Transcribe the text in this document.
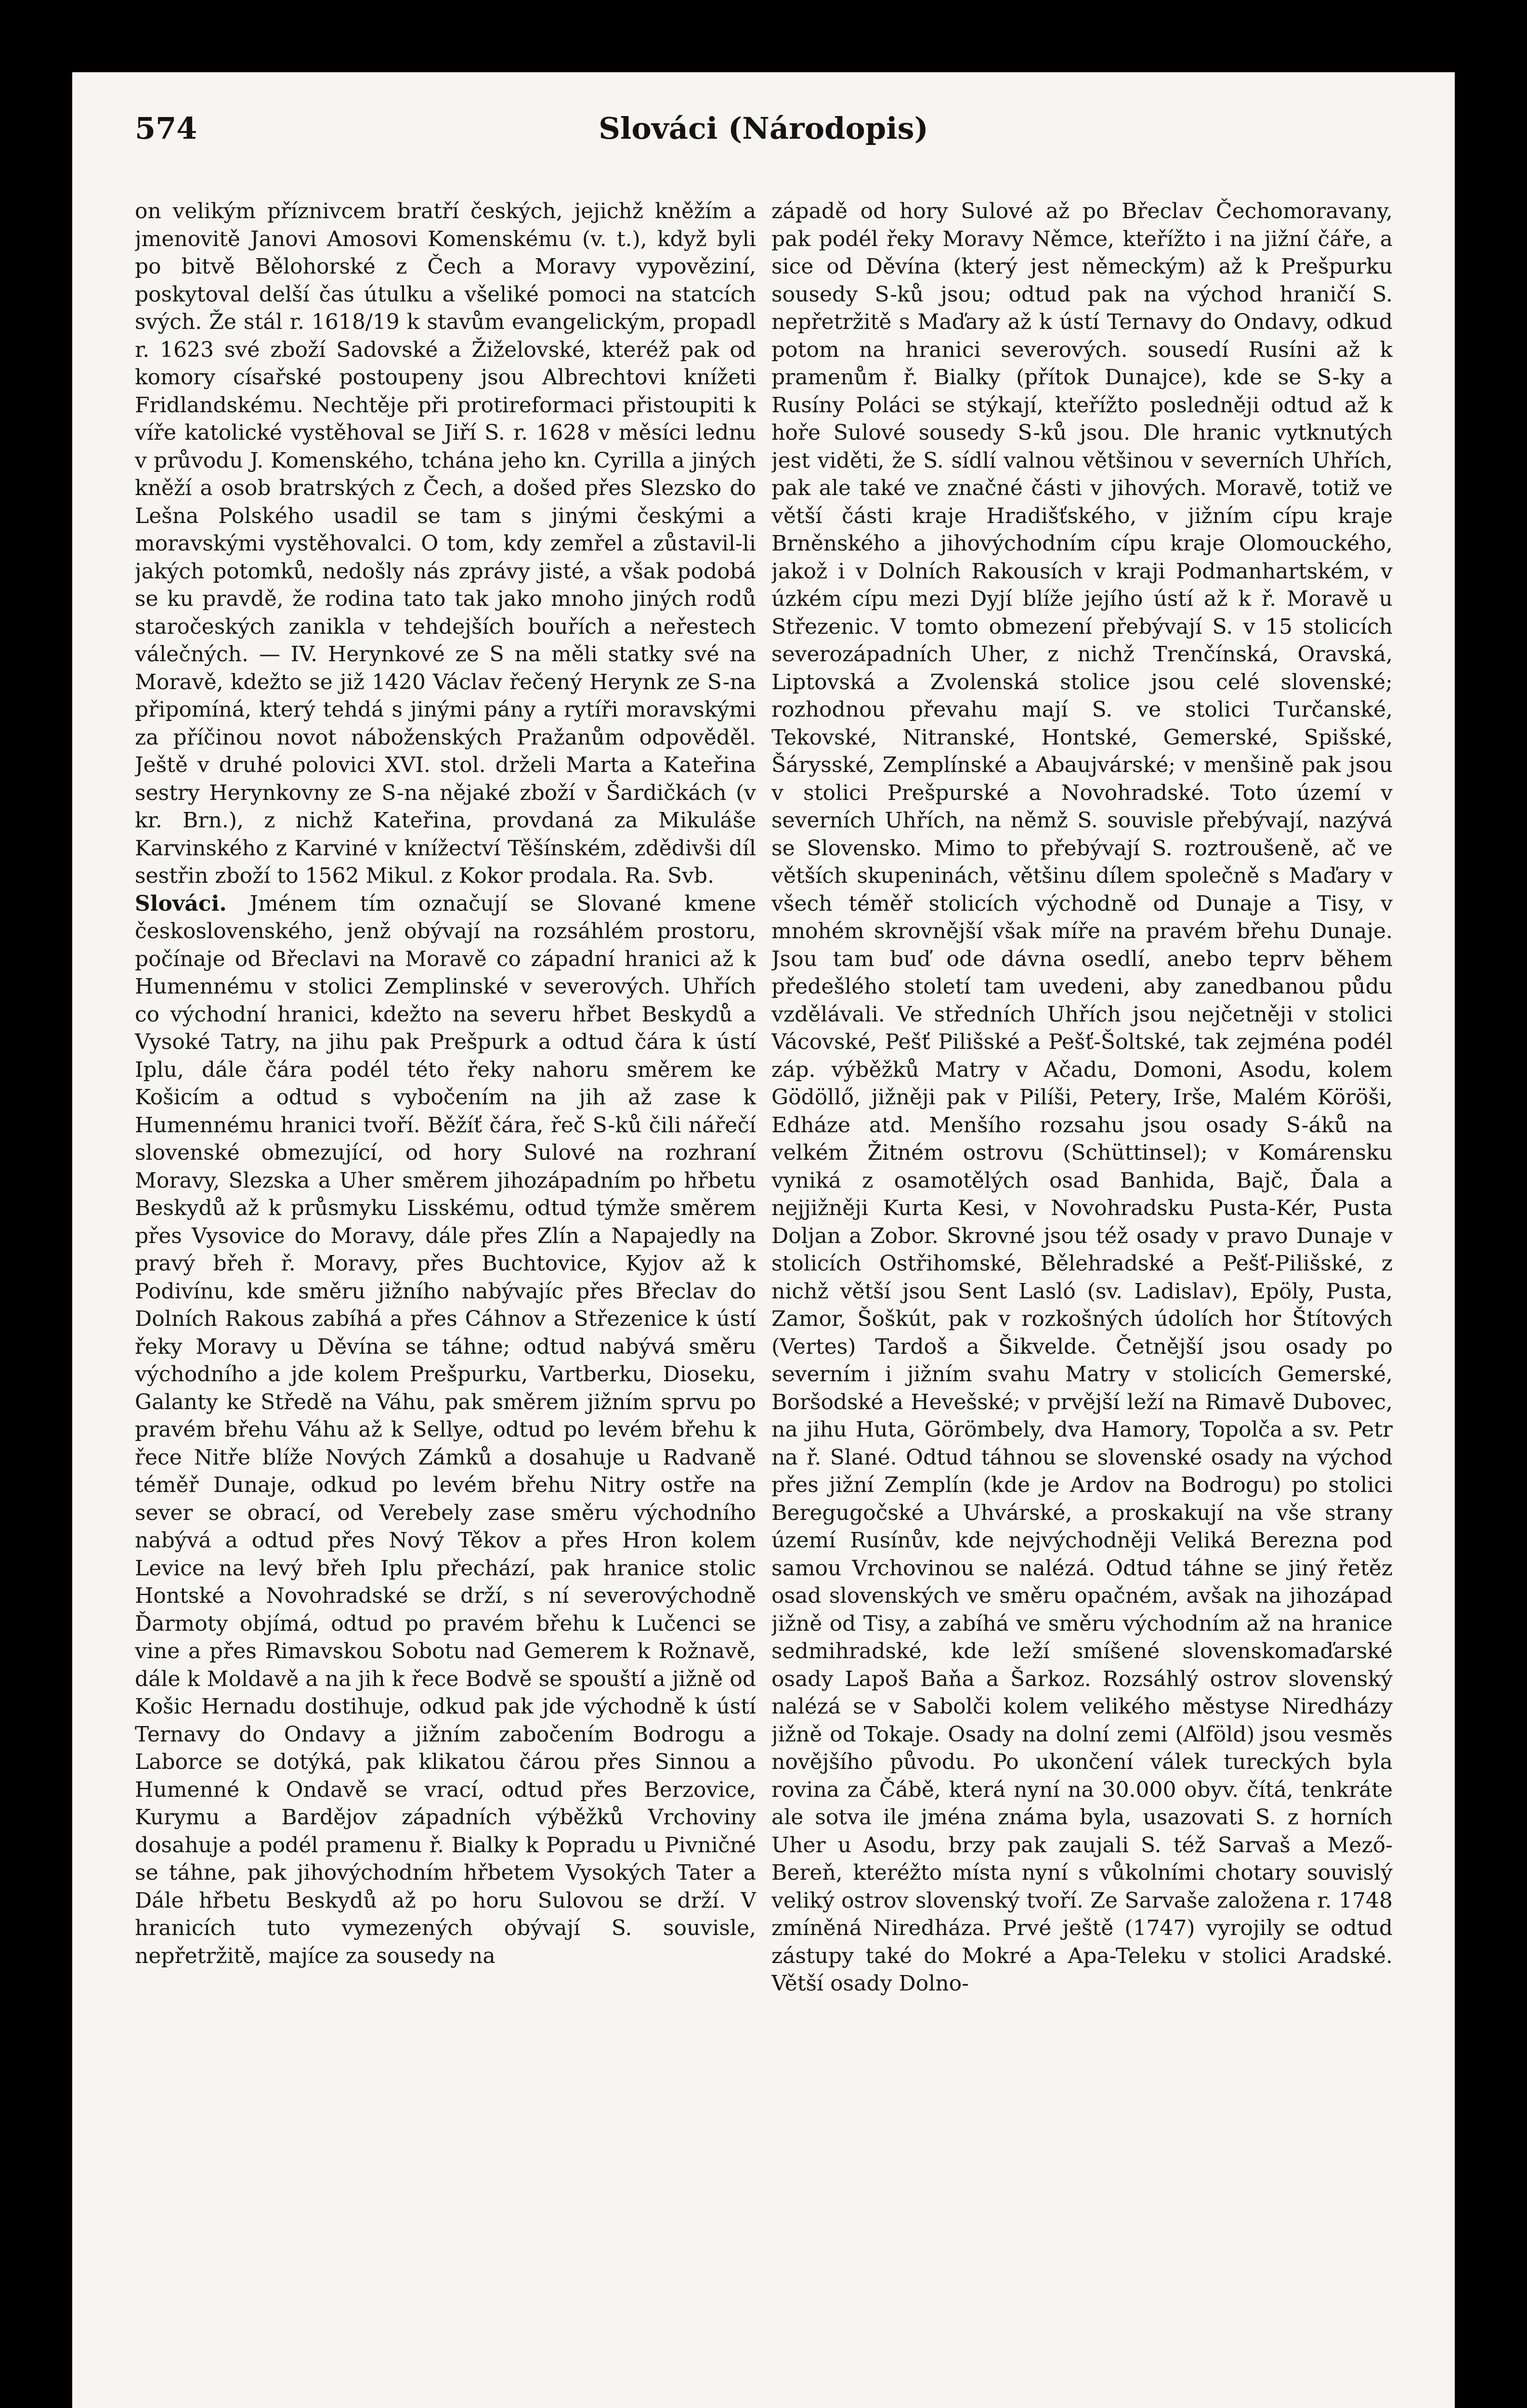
574	Slováci (Národopis)

on velikým příznivcem bratří českých, jejichž kněžím a jmenovitě Janovi Amosovi Komenskému (v. t.), když byli po bitvě Bělohorské z Čech a Moravy vypověziní, poskytoval delší čas útulku a všeliké pomoci na statcích svých. Že stál r. 1618/19 k stavům evangelickým, propadl r. 1623 své zboží Sadovské a Žiželovské, kteréž pak od komory císařské postoupeny jsou Albrechtovi knížeti Fridlandskému. Nechtěje při protireformaci přistoupiti k víře katolické vystěhoval se Jiří S. r. 1628 v měsíci lednu v průvodu J. Komenského, tchána jeho kn. Cyrilla a jiných kněží a osob bratrských z Čech, a došed přes Slezsko do Lešna Polského usadil se tam s jinými českými a moravskými vystěhovalci. O tom, kdy zemřel a zůstavil-li jakých potomků, nedošly nás zprávy jisté, a však podobá se ku pravdě, že rodina tato tak jako mnoho jiných rodů staročeských zanikla v tehdejších bouřích a neřestech válečných. — IV. Herynkové ze S na měli statky své na Moravě, kdežto se již 1420 Václav řečený Herynk ze S-na připomíná, který tehdá s jinými pány a rytíři moravskými za příčinou novot náboženských Pražanům odpověděl. Ještě v druhé polovici XVI. stol. drželi Marta a Kateřina sestry Herynkovny ze S-na nějaké zboží v Šardičkách (v kr. Brn.), z nichž Kateřina, provdaná za Mikuláše Karvinského z Karviné v knížectví Těšínském, zdědivši díl sestřin zboží to 1562 Mikul. z Kokor prodala. Ra. Svb.

Slováci. Jménem tím označují se Slované kmene československého, jenž obývají na rozsáhlém prostoru, počínaje od Břeclavi na Moravě co západní hranici až k Humennému v stolici Zemplinské v severových. Uhřích co východní hranici, kdežto na severu hřbet Beskydů a Vysoké Tatry, na jihu pak Prešpurk a odtud čára k ústí Iplu, dále čára podél této řeky nahoru směrem ke Košicím a odtud s vybočením na jih až zase k Humennému hranici tvoří. Běžíť čára, řeč S-ků čili nářečí slovenské obmezující, od hory Sulové na rozhraní Moravy, Slezska a Uher směrem jihozápadním po hřbetu Beskydů až k průsmyku Lisskému, odtud týmže směrem přes Vysovice do Moravy, dále přes Zlín a Napajedly na pravý břeh ř. Moravy, přes Buchtovice, Kyjov až k Podivínu, kde směru jižního nabývajíc přes Břeclav do Dolních Rakous zabíhá a přes Cáhnov a Střezenice k ústí řeky Moravy u Děvína se táhne; odtud nabývá směru východního a jde kolem Prešpurku, Vartberku, Dioseku, Galanty ke Středě na Váhu, pak směrem jižním sprvu po pravém břehu Váhu až k Sellye, odtud po levém břehu k řece Nitře blíže Nových Zámků a dosahuje u Radvaně téměř Dunaje, odkud po levém břehu Nitry ostře na sever se obrací, od Verebely zase směru východního nabývá a odtud přes Nový Těkov a přes Hron kolem Levice na levý břeh Iplu přechází, pak hranice stolic Hontské a Novohradské se drží, s ní severovýchodně Ďarmoty objímá, odtud po pravém břehu k Lučenci se vine a přes Rimavskou Sobotu nad Gemerem k Rožnavě, dále k Moldavě a na jih k řece Bodvě se spouští a jižně od Košic Hernadu dostihuje, odkud pak jde východně k ústí Ternavy do Ondavy a jižním zabočením Bodrogu a Laborce se dotýká, pak klikatou čárou přes Sinnou a Humenné k Ondavě se vrací, odtud přes Berzovice, Kurymu a Bardějov západních výběžků Vrchoviny dosahuje a podél pramenu ř. Bialky k Popradu u Pivničné se táhne, pak jihovýchodním hřbetem Vysokých Tater a Dále hřbetu Beskydů až po horu Sulovou se drží. V hranicích tuto vymezených obývají S. souvisle, nepřetržitě, majíce za sousedy na

západě od hory Sulové až po Břeclav Čechomoravany, pak podél řeky Moravy Němce, kteřížto i na jižní čáře, a sice od Děvína (který jest německým) až k Prešpurku sousedy S-ků jsou; odtud pak na východ hraničí S. nepřetržitě s Maďary až k ústí Ternavy do Ondavy, odkud potom na hranici severových. sousedí Rusíni až k pramenům ř. Bialky (přítok Dunajce), kde se S-ky a Rusíny Poláci se stýkají, kteřížto posledněji odtud až k hoře Sulové sousedy S-ků jsou. Dle hranic vytknutých jest viděti, že S. sídlí valnou většinou v severních Uhřích, pak ale také ve značné části v jihových. Moravě, totiž ve větší části kraje Hradišťského, v jižním cípu kraje Brněnského a jihovýchodním cípu kraje Olomouckého, jakož i v Dolních Rakousích v kraji Podmanhartském, v úzkém cípu mezi Dyjí blíže jejího ústí až k ř. Moravě u Střezenic. V tomto obmezení přebývají S. v 15 stolicích severozápadních Uher, z nichž Trenčínská, Oravská, Liptovská a Zvolenská stolice jsou celé slovenské; rozhodnou převahu mají S. ve stolici Turčanské, Tekovské, Nitranské, Hontské, Gemerské, Spišské, Šárysské, Zemplínské a Abaujvárské; v menšině pak jsou v stolici Prešpurské a Novohradské. Toto území v severních Uhřích, na němž S. souvisle přebývají, nazývá se Slovensko. Mimo to přebývají S. roztroušeně, ač ve větších skupeninách, většinu dílem společně s Maďary v všech téměř stolicích východně od Dunaje a Tisy, v mnohém skrovnější však míře na pravém břehu Dunaje. Jsou tam buď ode dávna osedlí, anebo teprv během předešlého století tam uvedeni, aby zanedbanou půdu vzdělávali. Ve středních Uhřích jsou nejčetněji v stolici Vácovské, Pešť Pilišské a Pešť-Šoltské, tak zejména podél záp. výběžků Matry v Ačadu, Domoni, Asodu, kolem Gödöllő, jižněji pak v Pilíši, Petery, Irše, Malém Köröši, Edháze atd. Menšího rozsahu jsou osady S-áků na velkém Žitném ostrovu (Schüttinsel); v Komárensku vyniká z osamotělých osad Banhida, Bajč, Ďala a nejjižněji Kurta Kesi, v Novohradsku Pusta-Kér, Pusta Doljan a Zobor. Skrovné jsou též osady v pravo Dunaje v stolicích Ostřihomské, Bělehradské a Pešť-Pilišské, z nichž větší jsou Sent Lasló (sv. Ladislav), Epöly, Pusta, Zamor, Šoškút, pak v rozkošných údolích hor Štítových (Vertes) Tardoš a Šikvelde. Četnější jsou osady po severním i jižním svahu Matry v stolicích Gemerské, Boršodské a Hevešské; v prvější leží na Rimavě Dubovec, na jihu Huta, Görömbely, dva Hamory, Topolča a sv. Petr na ř. Slané. Odtud táhnou se slovenské osady na východ přes jižní Zemplín (kde je Ardov na Bodrogu) po stolici Beregugočské a Uhvárské, a proskakují na vše strany území Rusínův, kde nejvýchodněji Veliká Berezna pod samou Vrchovinou se nalézá. Odtud táhne se jiný řetěz osad slovenských ve směru opačném, avšak na jihozápad jižně od Tisy, a zabíhá ve směru východním až na hranice sedmihradské, kde leží smíšené slovenskomaďarské osady Lapoš Baňa a Šarkoz. Rozsáhlý ostrov slovenský nalézá se v Sabolči kolem velikého městyse Niredházy jižně od Tokaje. Osady na dolní zemi (Alföld) jsou vesměs novějšího původu. Po ukončení válek tureckých byla rovina za Čábě, která nyní na 30.000 obyv. čítá, tenkráte ale sotva ile jména známa byla, usazovati S. z horních Uher u Asodu, brzy pak zaujali S. též Sarvaš a Mező-Bereň, kteréžto místa nyní s vůkolními chotary souvislý veliký ostrov slovenský tvoří. Ze Sarvaše založena r. 1748 zmíněná Niredháza. Prvé ještě (1747) vyrojily se odtud zástupy také do Mokré a Apa-Teleku v stolici Aradské. Větší osady Dolno-
